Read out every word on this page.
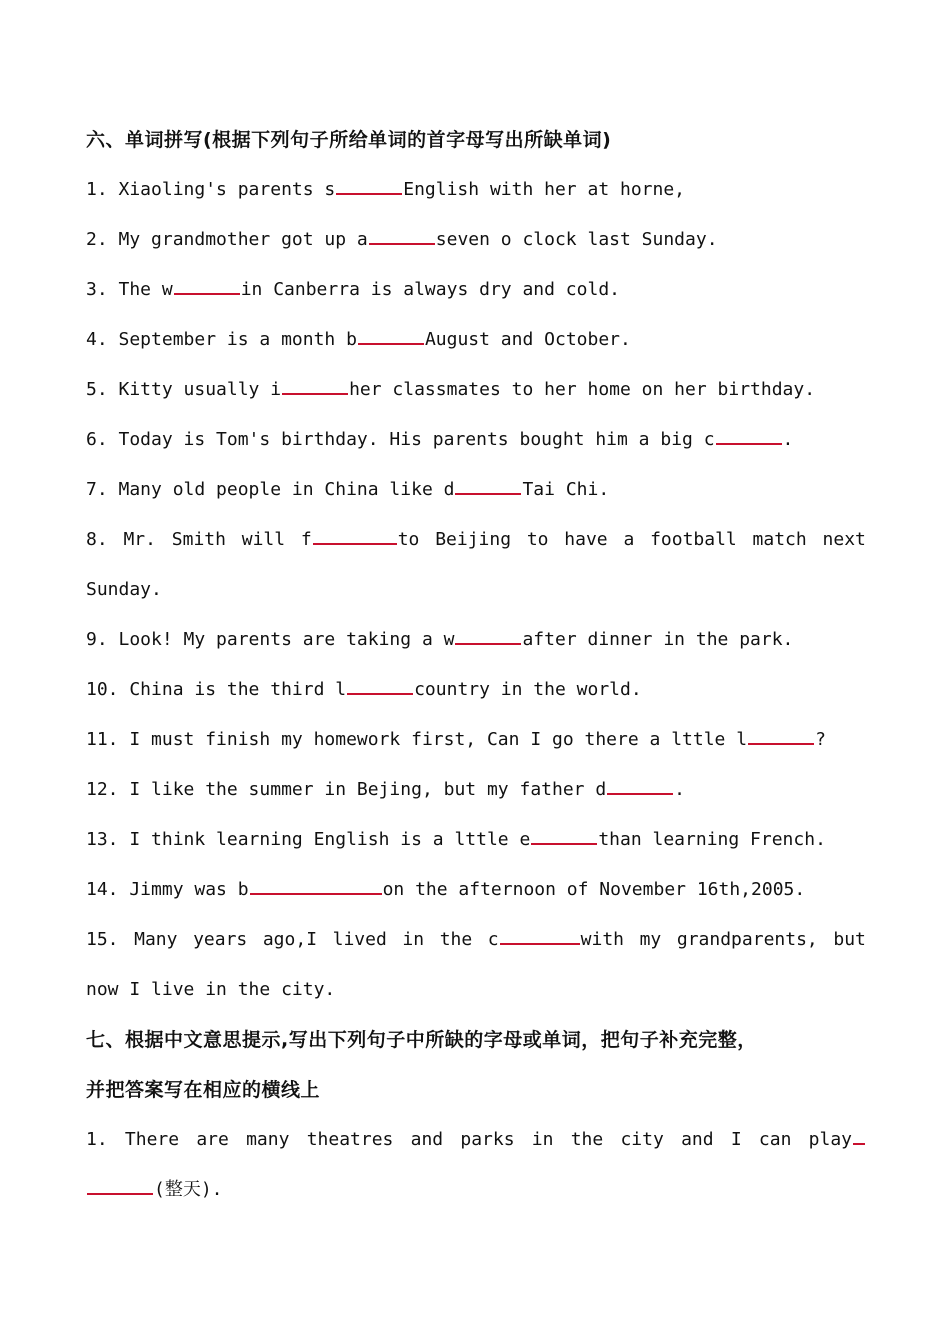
六、单词拼写(根据下列句子所给单词的首字母写出所缺单词)
1. Xiaoling's parents s	English with her at horne,
2. My grandmother got up a	seven o clock last Sunday.
3. The w	in Canberra is always dry and cold.
4. September is a month b	August and October.
5. Kitty usually i	her classmates to her home on her birthday.
6. Today is Tom's birthday. His parents bought him a big c	.
7. Many old people in China like d	Tai Chi.
8. Mr. Smith will f	to Beijing to have a football match next
Sunday.
9. Look! My parents are taking a w	after dinner in the park.
10. China is the third l	country in the world.
11. I must finish my homework first, Can I go there a lttle l	?
12. I like the summer in Bejing, but my father d	.
13. I think learning English is a lttle e	than learning French.
14. Jimmy was b	on the afternoon of November 16th,2005.
15. Many years ago,I lived in the c	with my grandparents, but
now I live in the city.
七、根据中文意思提示,写出下列句子中所缺的字母或单词，把句子补充完整，
并把答案写在相应的横线上
1. There are many theatres and parks in the city and I can play
(整天).
